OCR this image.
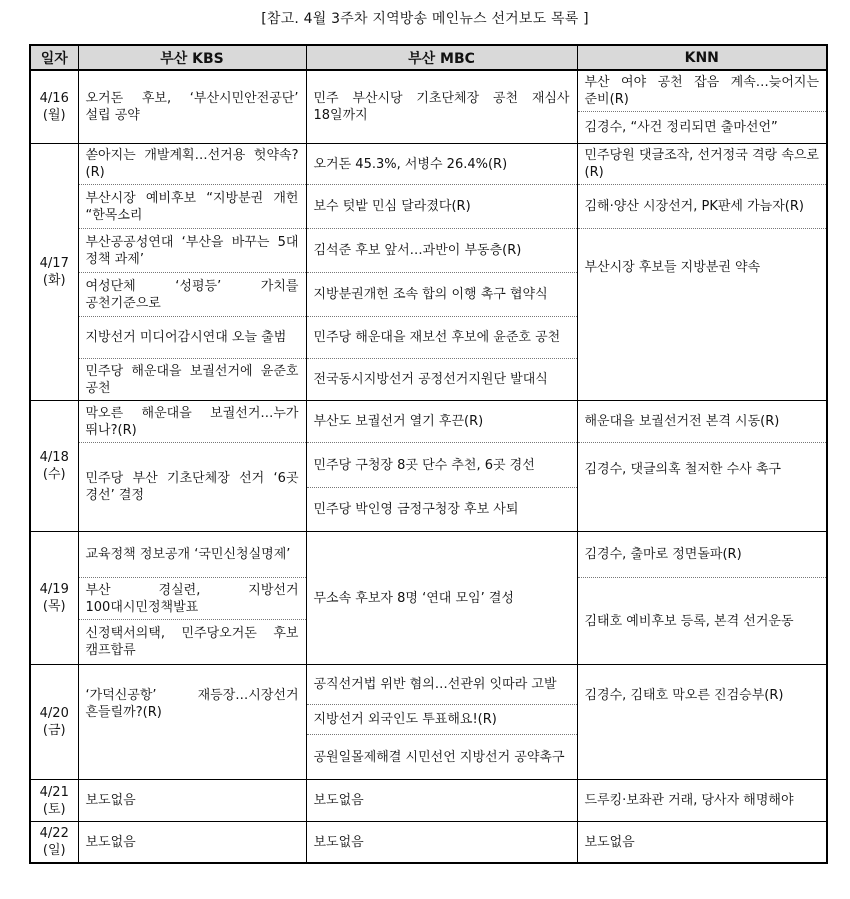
[참고. 4월 3주차 지역방송 메인뉴스 선거보도 목록 ]
일자	부산 KBS	부산 MBC	KNN

4/16
(월)	오거돈 후보, ‘부산시민안전공단’ 설립 공약	민주 부산시당 기초단체장 공천 재심사 18일까지	부산 여야 공천 잡음 계속…늦어지는 준비(R)
			김경수, “사건 정리되면 출마선언”

4/17
(화)	쏟아지는 개발계획…선거용 헛약속?(R)	오거돈 45.3%, 서병수 26.4%(R)	민주당원 댓글조작, 선거정국 격랑 속으로(R)
	부산시장 예비후보 “지방분권 개헌 “한목소리	보수 텃밭 민심 달라졌다(R)	김해·양산 시장선거, PK판세 가늠자(R)
	부산공공성연대 ‘부산을 바꾸는 5대 정책 과제’	김석준 후보 앞서…과반이 부동층(R)	부산시장 후보들 지방분권 약속
	여성단체 ‘성평등’ 가치를 공천기준으로	지방분권개헌 조속 합의 이행 촉구 협약식	
	지방선거 미디어감시연대 오늘 출범	민주당 해운대을 재보선 후보에 윤준호 공천	
	민주당 해운대을 보궐선거에 윤준호 공천	전국동시지방선거 공정선거지원단 발대식	

4/18
(수)	막오른 해운대을 보궐선거…누가 뛰나?(R)	부산도 보궐선거 열기 후끈(R)	해운대을 보궐선거전 본격 시동(R)
	민주당 부산 기초단체장 선거 ‘6곳 경선’ 결정	민주당 구청장 8곳 단수 추천, 6곳 경선	김경수, 댓글의혹 철저한 수사 촉구
		민주당 박인영 금정구청장 후보 사퇴	

4/19
(목)	교육정책 정보공개 ‘국민신청실명제’	무소속 후보자 8명 ‘연대 모임’ 결성	김경수, 출마로 정면돌파(R)
	부산 경실련, 지방선거 100대시민정책발표		김태호 예비후보 등록, 본격 선거운동
	신정택서의택, 민주당오거돈 후보 캠프합류		

4/20
(금)	‘가덕신공항’ 재등장…시장선거 흔들릴까?(R)	공직선거법 위반 혐의…선관위 잇따라 고발	김경수, 김태호 막오른 진검승부(R)
		지방선거 외국인도 투표해요!(R)	
		공원일몰제해결 시민선언 지방선거 공약촉구	

4/21
(토)	보도없음	보도없음	드루킹·보좌관 거래, 당사자 해명해야

4/22
(일)	보도없음	보도없음	보도없음
